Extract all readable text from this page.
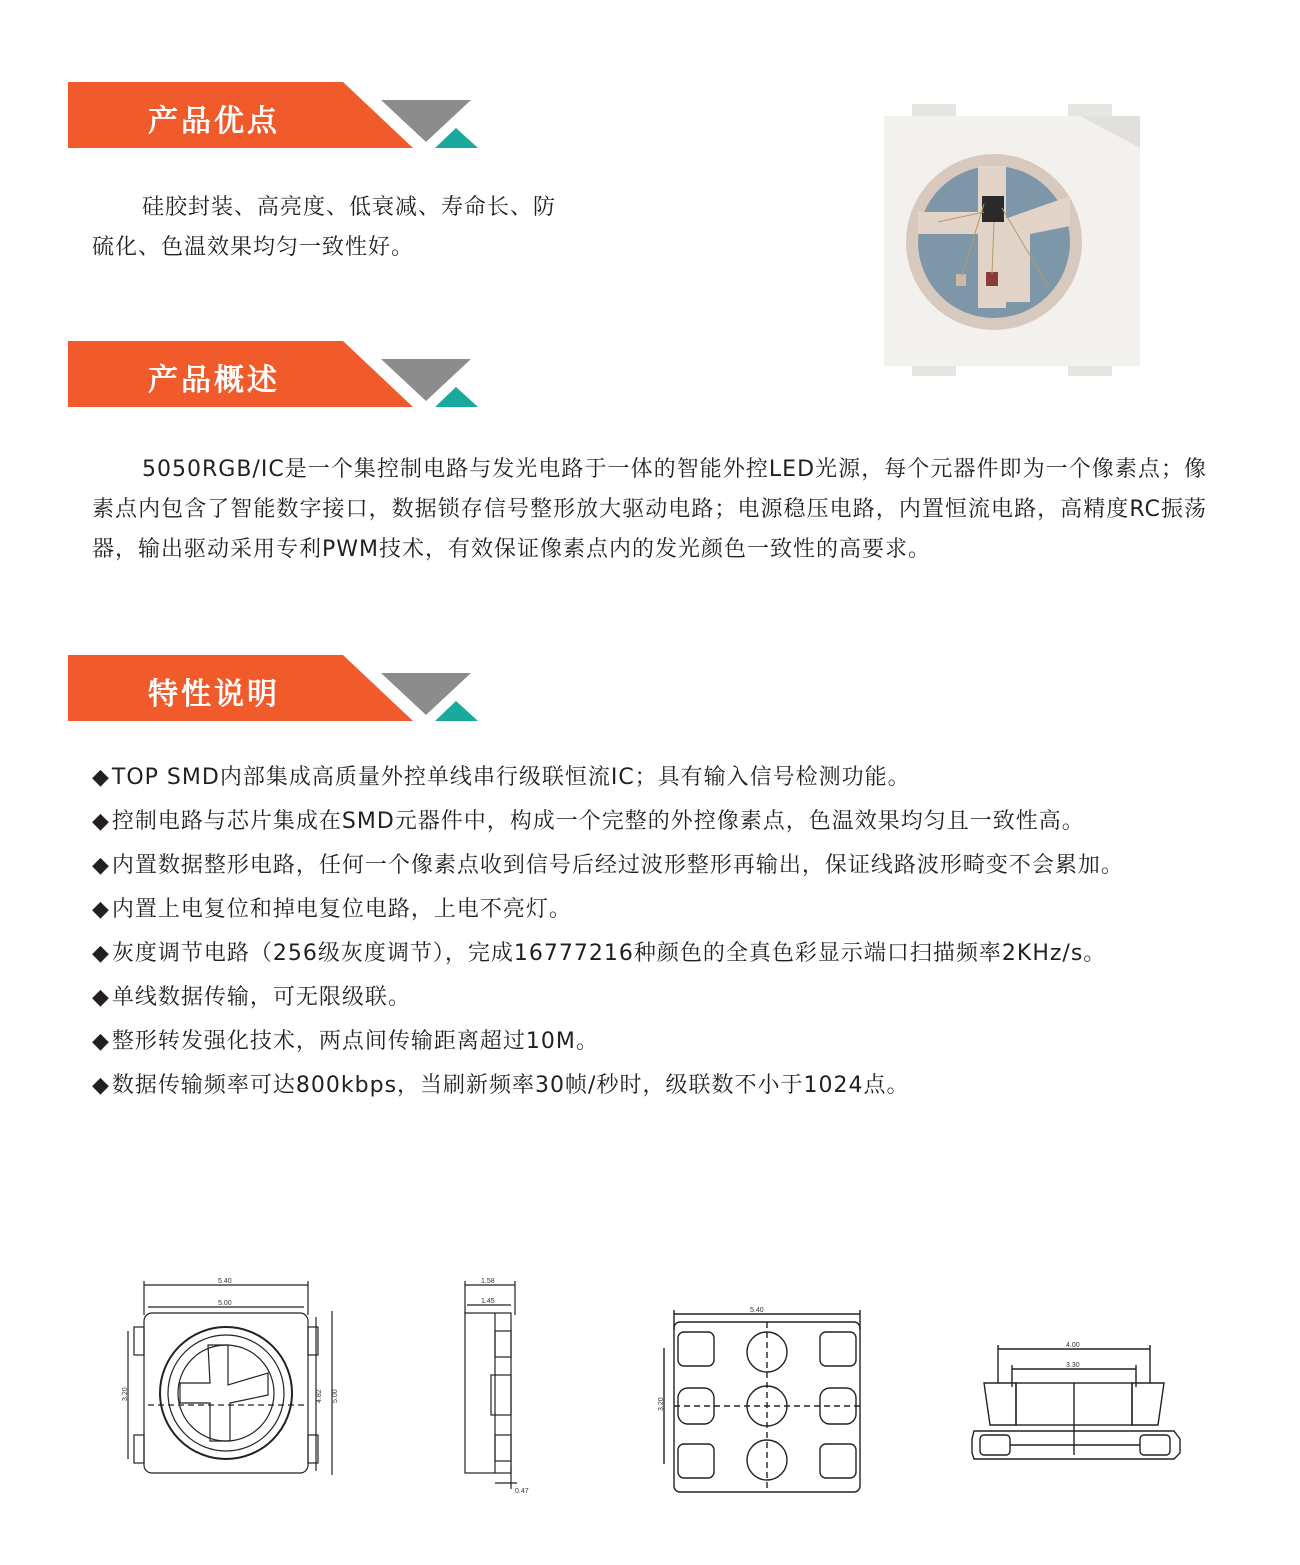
产品优点

硅胶封装、高亮度、低衰减、寿命长、防
硫化、色温效果均匀一致性好。

产品概述

5050RGB/IC是一个集控制电路与发光电路于一体的智能外控LED光源，每个元器件即为一个像素点；像素点内包含了智能数字接口，数据锁存信号整形放大驱动电路；电源稳压电路，内置恒流电路，高精度RC振荡器，输出驱动采用专利PWM技术，有效保证像素点内的发光颜色一致性的高要求。

特性说明
◆TOP SMD内部集成高质量外控单线串行级联恒流IC；具有输入信号检测功能。
◆控制电路与芯片集成在SMD元器件中，构成一个完整的外控像素点，色温效果均匀且一致性高。
◆内置数据整形电路，任何一个像素点收到信号后经过波形整形再输出，保证线路波形畸变不会累加。
◆内置上电复位和掉电复位电路，上电不亮灯。
◆灰度调节电路（256级灰度调节），完成16777216种颜色的全真色彩显示端口扫描频率2KHz/s。
◆单线数据传输，可无限级联。
◆整形转发强化技术，两点间传输距离超过10M。
◆数据传输频率可达800kbps，当刷新频率30帧/秒时，级联数不小于1024点。
5.40
5.00
3.20	4.82 5.00
1.58
1.45
0.47
5.40
3.20
4.00
3.30
